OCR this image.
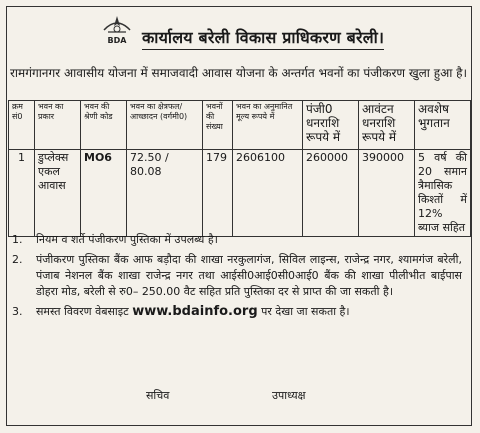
BDA कार्यालय बरेली विकास प्राधिकरण बरेली।
रामगंगानगर आवासीय योजना में समाजवादी आवास योजना के अन्तर्गत भवनों का पंजीकरण खुला हुआ है।
क्रम सं0	भवन का प्रकार	भवन की श्रेणी कोड	भवन का क्षेत्रफल/ आच्छादन (वर्गमी0)	भवनों की संख्या	भवन का अनुमानित मूल्य रूपये में	पंजी0 धनराशि रूपये में	आवंटन धनराशि रूपये में	अवशेष भुगतान
1	डुप्लेक्स एकल आवास	MO6	72.50 / 80.08	179	2606100	260000	390000	5 वर्ष की 20 समान त्रैमासिक किश्तों में 12% ब्याज सहित
1.	नियम व शर्ते पंजीकरण पुस्तिका में उपलब्ध है।
2.	पंजीकरण पुस्तिका बैंक आफ बड़ौदा की शाखा नरकुलागंज, सिविल लाइन्स, राजेन्द्र नगर, श्यामगंज बरेली, पंजाब नेशनल बैंक शाखा राजेन्द्र नगर तथा आईसी0आई0सी0आई0 बैंक की शाखा पीलीभीत बाईपास डोहरा मोड, बरेली से रु0– 250.00 वैट सहित प्रति पुस्तिका दर से प्राप्त की जा सकती है।
3.	समस्त विवरण वेबसाइट www.bdainfo.org पर देखा जा सकता है।
सचिव	उपाध्यक्ष
